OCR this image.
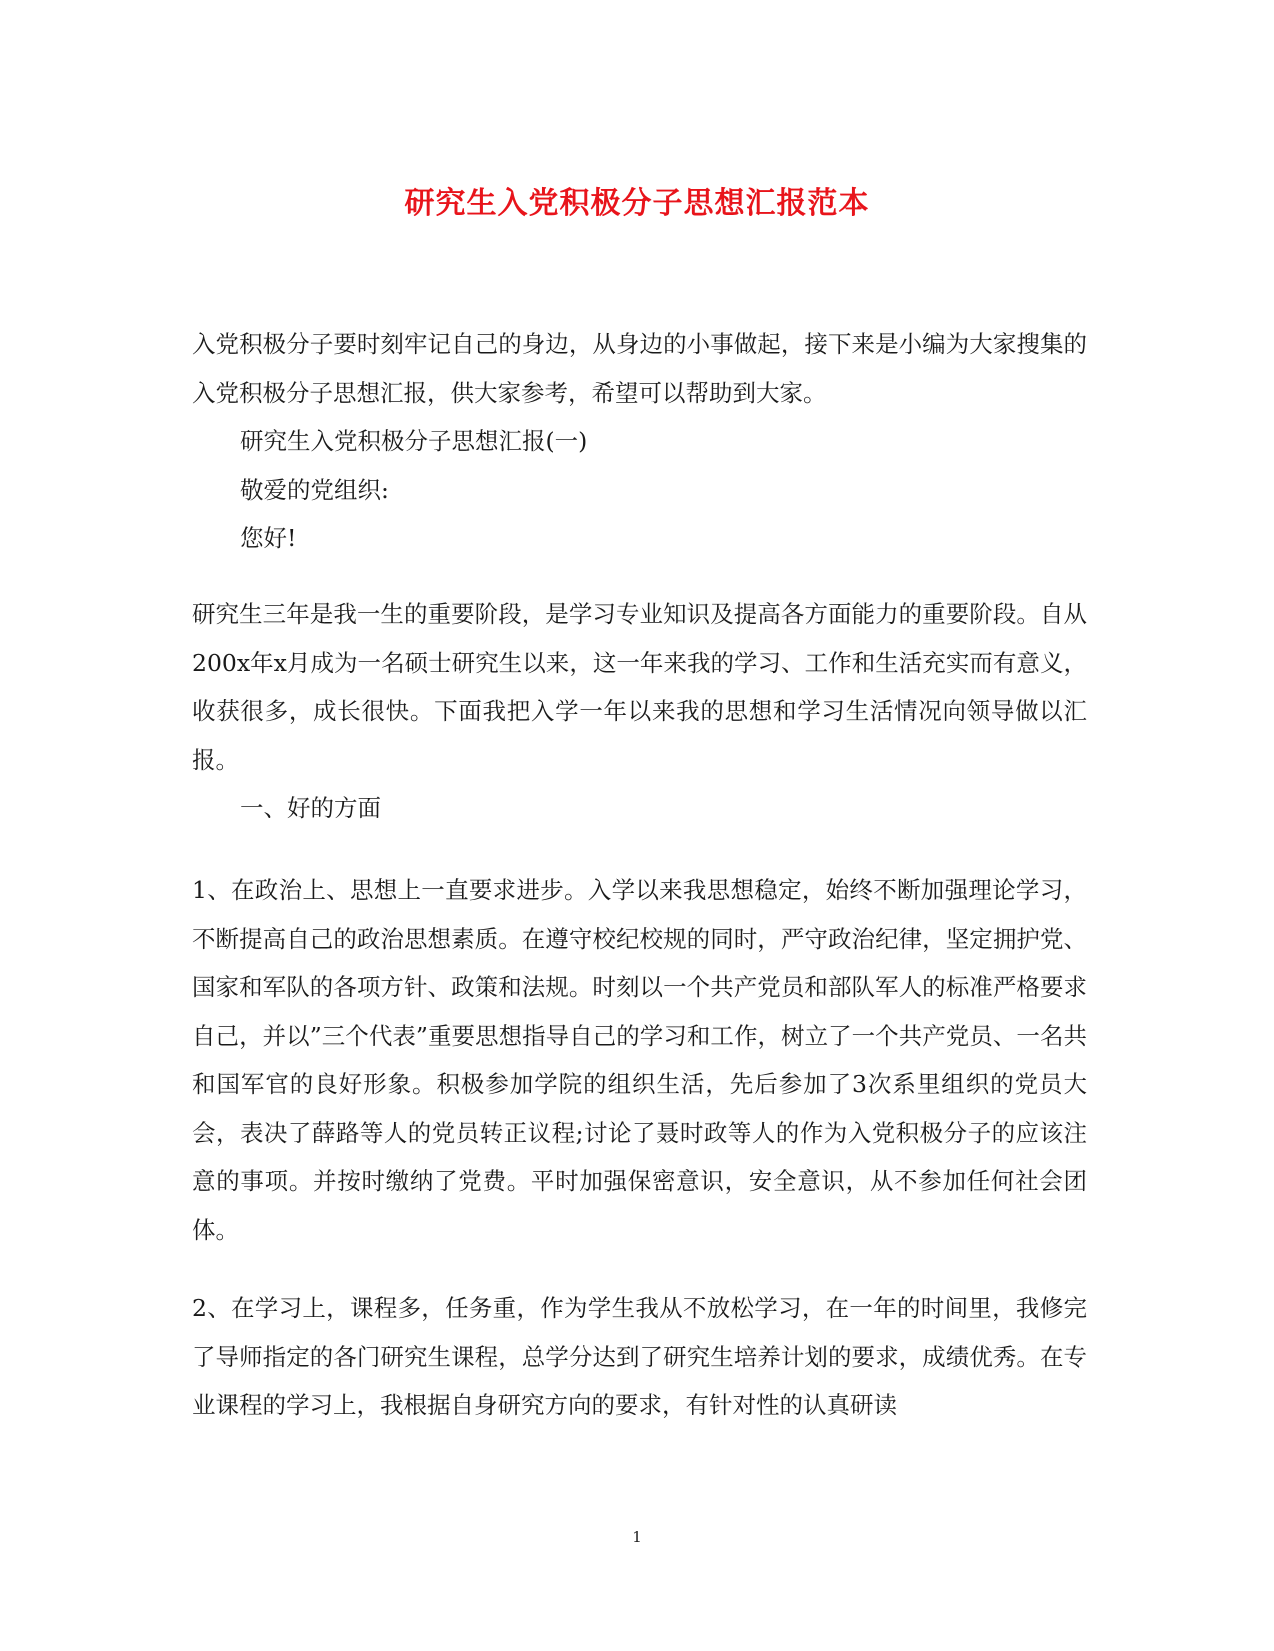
研究生入党积极分子思想汇报范本

入党积极分子要时刻牢记自己的身边，从身边的小事做起，接下来是小编为大家搜集的入党积极分子思想汇报，供大家参考，希望可以帮助到大家。

研究生入党积极分子思想汇报(一)

敬爱的党组织:

您好!

研究生三年是我一生的重要阶段，是学习专业知识及提高各方面能力的重要阶段。自从200x年x月成为一名硕士研究生以来，这一年来我的学习、工作和生活充实而有意义，收获很多，成长很快。下面我把入学一年以来我的思想和学习生活情况向领导做以汇报。

一、好的方面

1、在政治上、思想上一直要求进步。入学以来我思想稳定，始终不断加强理论学习，不断提高自己的政治思想素质。在遵守校纪校规的同时，严守政治纪律，坚定拥护党、国家和军队的各项方针、政策和法规。时刻以一个共产党员和部队军人的标准严格要求自己，并以”三个代表”重要思想指导自己的学习和工作，树立了一个共产党员、一名共和国军官的良好形象。积极参加学院的组织生活，先后参加了3次系里组织的党员大会，表决了薛路等人的党员转正议程;讨论了聂时政等人的作为入党积极分子的应该注意的事项。并按时缴纳了党费。平时加强保密意识，安全意识，从不参加任何社会团体。

2、在学习上，课程多，任务重，作为学生我从不放松学习，在一年的时间里，我修完了导师指定的各门研究生课程，总学分达到了研究生培养计划的要求，成绩优秀。在专业课程的学习上，我根据自身研究方向的要求，有针对性的认真研读

1
